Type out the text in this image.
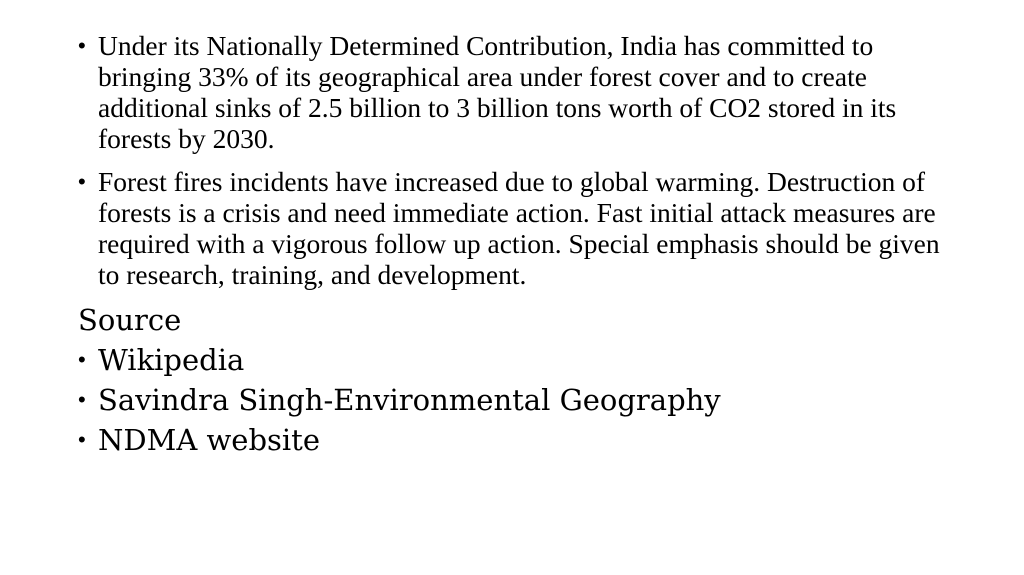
• Under its Nationally Determined Contribution, India has committed to bringing 33% of its geographical area under forest cover and to create additional sinks of 2.5 billion to 3 billion tons worth of CO2 stored in its forests by 2030.
• Forest fires incidents have increased due to global warming. Destruction of forests is a crisis and need immediate action. Fast initial attack measures are required with a vigorous follow up action. Special emphasis should be given to research, training, and development.
Source
• Wikipedia
• Savindra Singh-Environmental Geography
• NDMA website
